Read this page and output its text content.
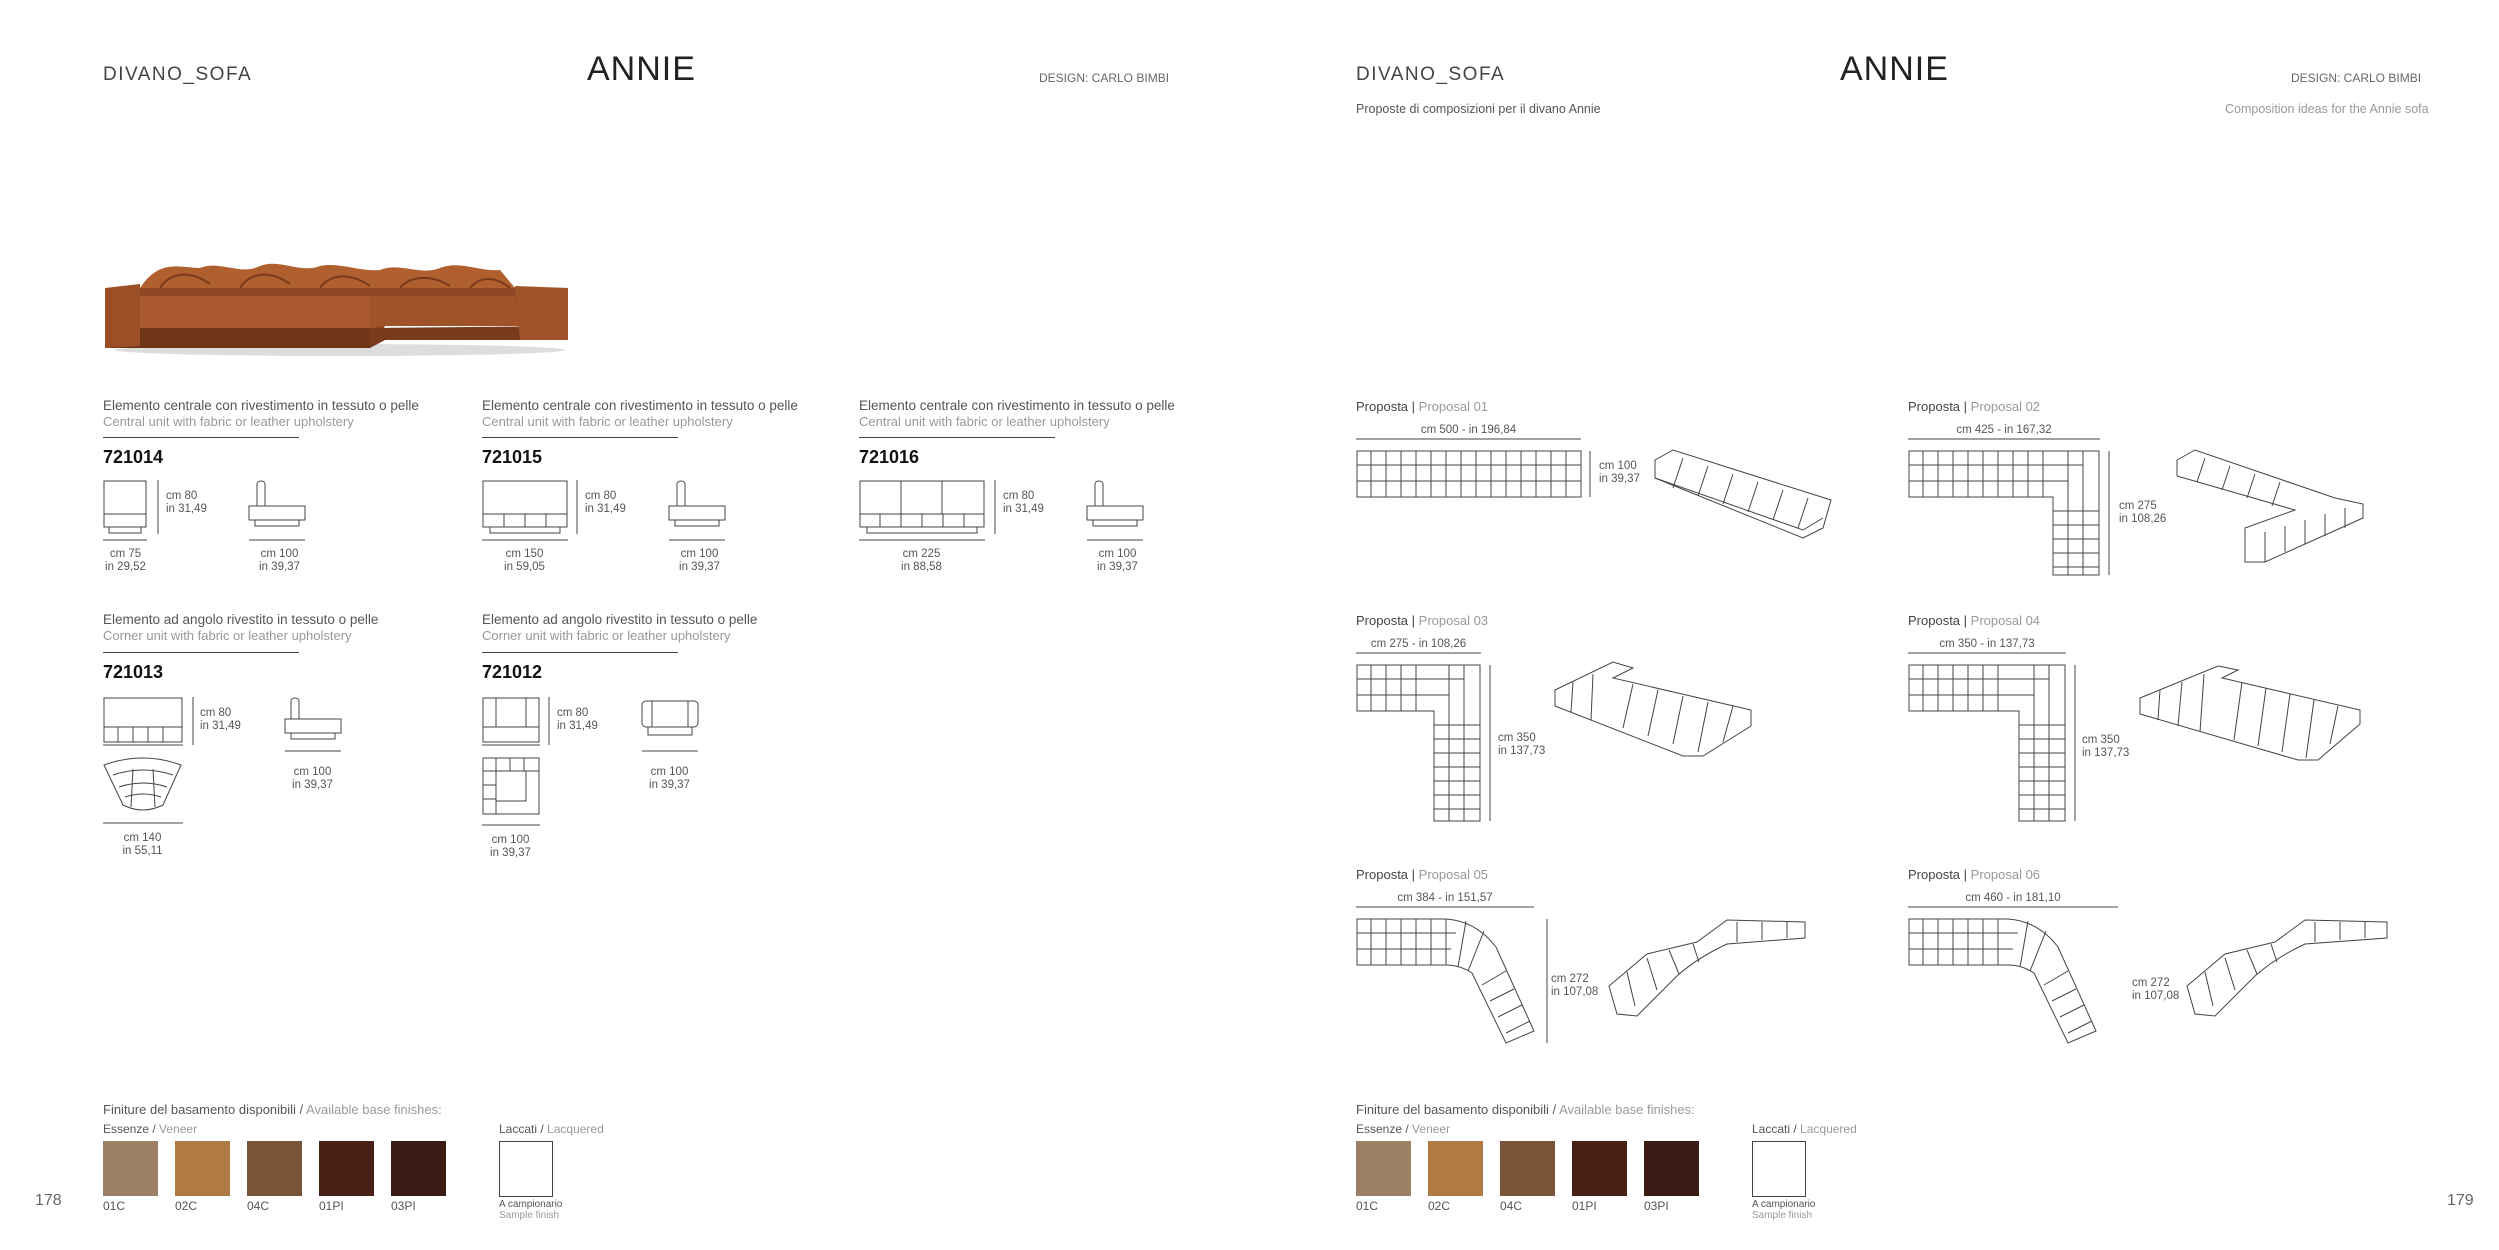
DIVANO_SOFA	ANNIE	DESIGN: CARLO BIMBI
Elemento centrale con rivestimento in tessuto o pelle
Central unit with fabric or leather upholstery
721014
cm 80
in 31,49
cm 75
in 29,52
cm 100
in 39,37
Elemento centrale con rivestimento in tessuto o pelle
Central unit with fabric or leather upholstery
721015
cm 80
in 31,49
cm 150
in 59,05
cm 100
in 39,37
Elemento centrale con rivestimento in tessuto o pelle
Central unit with fabric or leather upholstery
721016
cm 80
in 31,49
cm 225
in 88,58
cm 100
in 39,37
Elemento ad angolo rivestito in tessuto o pelle
Corner unit with fabric or leather upholstery
721013
cm 80
in 31,49
cm 140
in 55,11
cm 100
in 39,37
Elemento ad angolo rivestito in tessuto o pelle
Corner unit with fabric or leather upholstery
721012
cm 80
in 31,49
cm 100
in 39,37
cm 100
in 39,37
Finiture del basamento disponibili / Available base finishes:
Essenze / Veneer	Laccati / Lacquered
01C	02C	04C	01PI	03PI	A campionario
Sample finish
178
DIVANO_SOFA	ANNIE	DESIGN: CARLO BIMBI
Proposte di composizioni per il divano Annie	Composition ideas for the Annie sofa
Proposta | Proposal 01
cm 500 - in 196,84
cm 100
in 39,37
Proposta | Proposal 02
cm 425 - in 167,32
cm 275
in 108,26
Proposta | Proposal 03
cm 275 - in 108,26
cm 350
in 137,73
Proposta | Proposal 04
cm 350 - in 137,73
cm 350
in 137,73
Proposta | Proposal 05
cm 384 - in 151,57
cm 272
in 107,08
Proposta | Proposal 06
cm 460 - in 181,10
cm 272
in 107,08
Finiture del basamento disponibili / Available base finishes:
Essenze / Veneer	Laccati / Lacquered
01C	02C	04C	01PI	03PI	A campionario
Sample finish
179
